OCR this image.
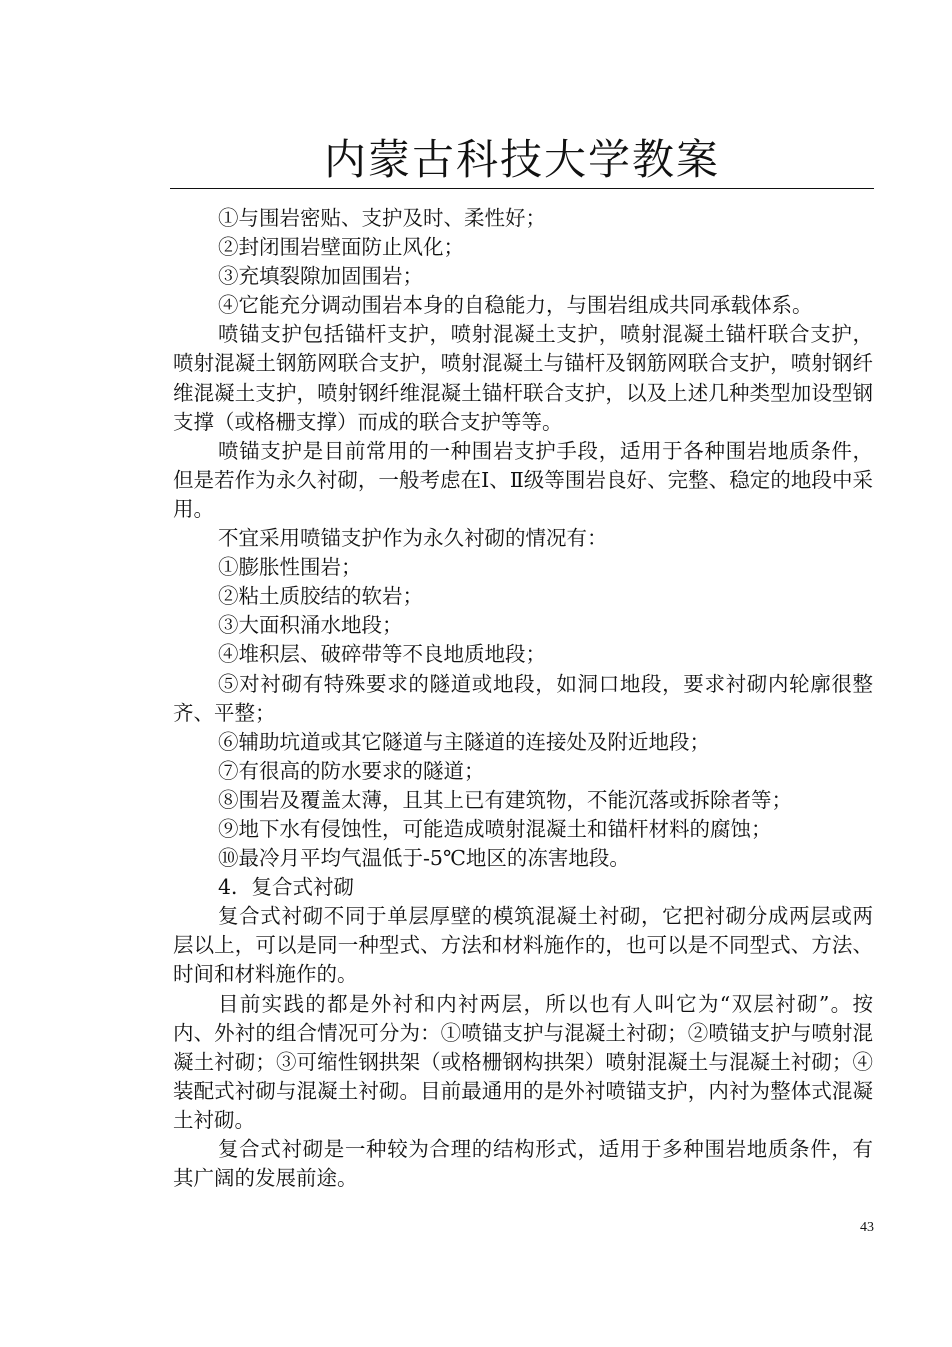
内蒙古科技大学教案

①与围岩密贴、支护及时、柔性好；

②封闭围岩壁面防止风化；

③充填裂隙加固围岩；

④它能充分调动围岩本身的自稳能力，与围岩组成共同承载体系。

喷锚支护包括锚杆支护，喷射混凝土支护，喷射混凝土锚杆联合支护，喷射混凝土钢筋网联合支护，喷射混凝土与锚杆及钢筋网联合支护，喷射钢纤维混凝土支护，喷射钢纤维混凝土锚杆联合支护，以及上述几种类型加设型钢支撑（或格栅支撑）而成的联合支护等等。

喷锚支护是目前常用的一种围岩支护手段，适用于各种围岩地质条件，但是若作为永久衬砌，一般考虑在Ⅰ、Ⅱ级等围岩良好、完整、稳定的地段中采用。

不宜采用喷锚支护作为永久衬砌的情况有：

①膨胀性围岩；

②粘土质胶结的软岩；

③大面积涌水地段；

④堆积层、破碎带等不良地质地段；

⑤对衬砌有特殊要求的隧道或地段，如洞口地段，要求衬砌内轮廓很整齐、平整；

⑥辅助坑道或其它隧道与主隧道的连接处及附近地段；

⑦有很高的防水要求的隧道；

⑧围岩及覆盖太薄，且其上已有建筑物，不能沉落或拆除者等；

⑨地下水有侵蚀性，可能造成喷射混凝土和锚杆材料的腐蚀；

⑩最冷月平均气温低于-5℃地区的冻害地段。

4．复合式衬砌

复合式衬砌不同于单层厚壁的模筑混凝土衬砌，它把衬砌分成两层或两层以上，可以是同一种型式、方法和材料施作的，也可以是不同型式、方法、时间和材料施作的。

目前实践的都是外衬和内衬两层，所以也有人叫它为“双层衬砌”。按内、外衬的组合情况可分为：①喷锚支护与混凝土衬砌；②喷锚支护与喷射混凝土衬砌；③可缩性钢拱架（或格栅钢构拱架）喷射混凝土与混凝土衬砌；④装配式衬砌与混凝土衬砌。目前最通用的是外衬喷锚支护，内衬为整体式混凝土衬砌。

复合式衬砌是一种较为合理的结构形式，适用于多种围岩地质条件，有其广阔的发展前途。

43
